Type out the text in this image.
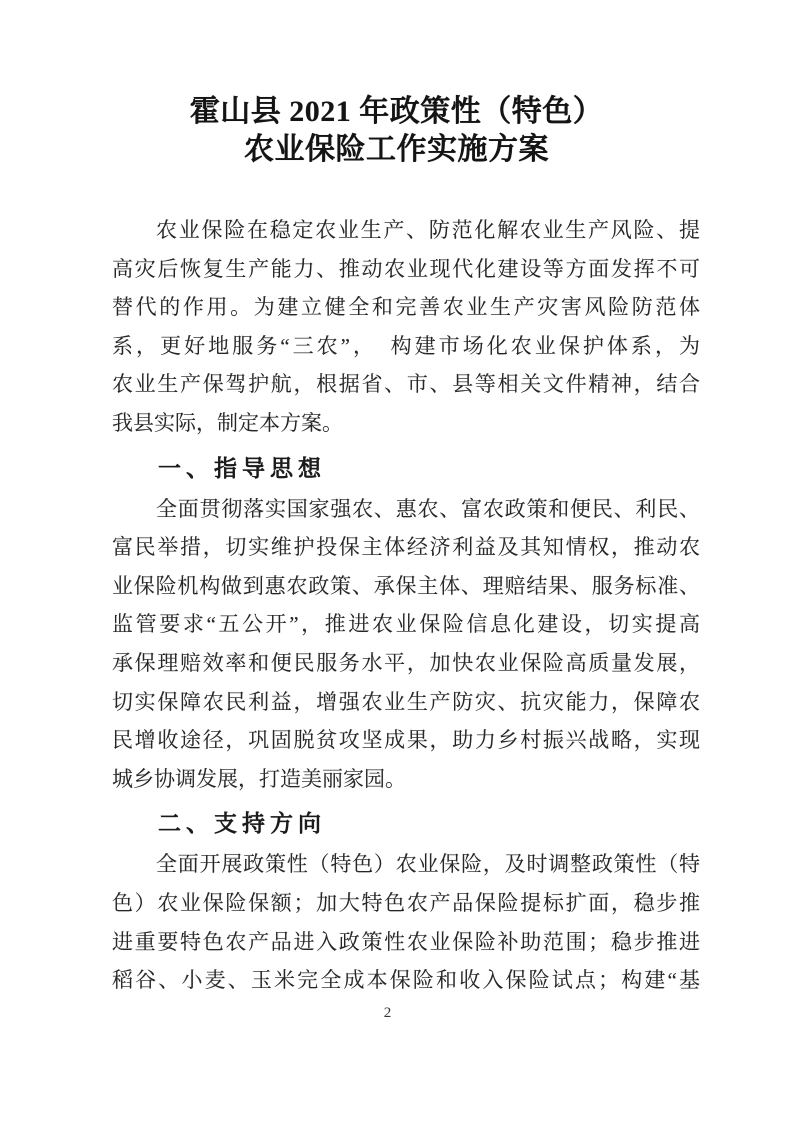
霍山县 2021 年政策性（特色）
农业保险工作实施方案
农业保险在稳定农业生产、防范化解农业生产风险、提
高灾后恢复生产能力、推动农业现代化建设等方面发挥不可
替代的作用。为建立健全和完善农业生产灾害风险防范体
系，更好地服务“三农”，　构建市场化农业保护体系，为
农业生产保驾护航，根据省、市、县等相关文件精神，结合
我县实际，制定本方案。
一、指导思想
全面贯彻落实国家强农、惠农、富农政策和便民、利民、
富民举措，切实维护投保主体经济利益及其知情权，推动农
业保险机构做到惠农政策、承保主体、理赔结果、服务标准、
监管要求“五公开”，推进农业保险信息化建设，切实提高
承保理赔效率和便民服务水平，加快农业保险高质量发展，
切实保障农民利益，增强农业生产防灾、抗灾能力，保障农
民增收途径，巩固脱贫攻坚成果，助力乡村振兴战略，实现
城乡协调发展，打造美丽家园。
二、支持方向
全面开展政策性（特色）农业保险，及时调整政策性（特
色）农业保险保额；加大特色农产品保险提标扩面，稳步推
进重要特色农产品进入政策性农业保险补助范围；稳步推进
稻谷、小麦、玉米完全成本保险和收入保险试点；构建“基
2
